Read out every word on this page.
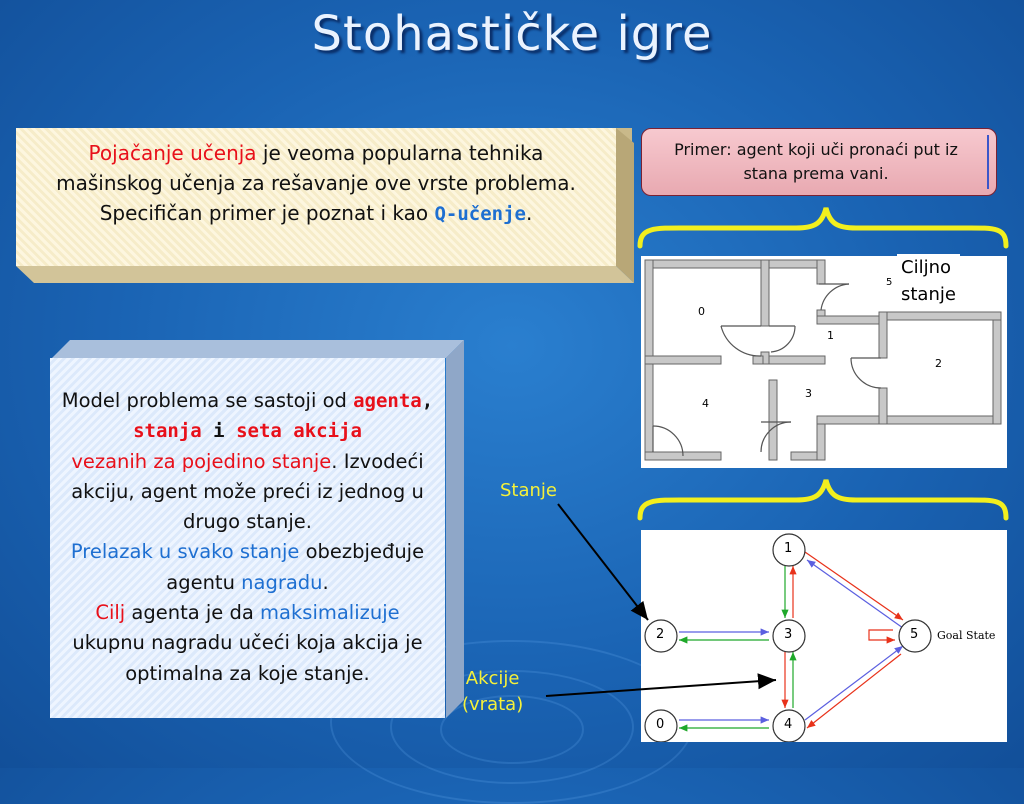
Stohastičke igre
Pojačanje učenja je veoma popularna tehnika mašinskog učenja za rešavanje ove vrste problema.
Specifičan primer je poznat i kao Q-učenje.
Model problema se sastoji od agenta, stanja i seta akcija
vezanih za pojedino stanje. Izvodeći akciju, agent može preći iz jednog u drugo stanje.
Prelazak u svako stanje obezbjeđuje agentu nagradu.
Cilj agenta je da maksimalizuje ukupnu nagradu učeći koja akcija je optimalna za koje stanje.
Primer: agent koji uči pronaći put iz stana prema vani.
0
1
2
3
4
5
Ciljno
stanje
1
2	3	5
0	4
Goal State
Stanje
Akcije
(vrata)
